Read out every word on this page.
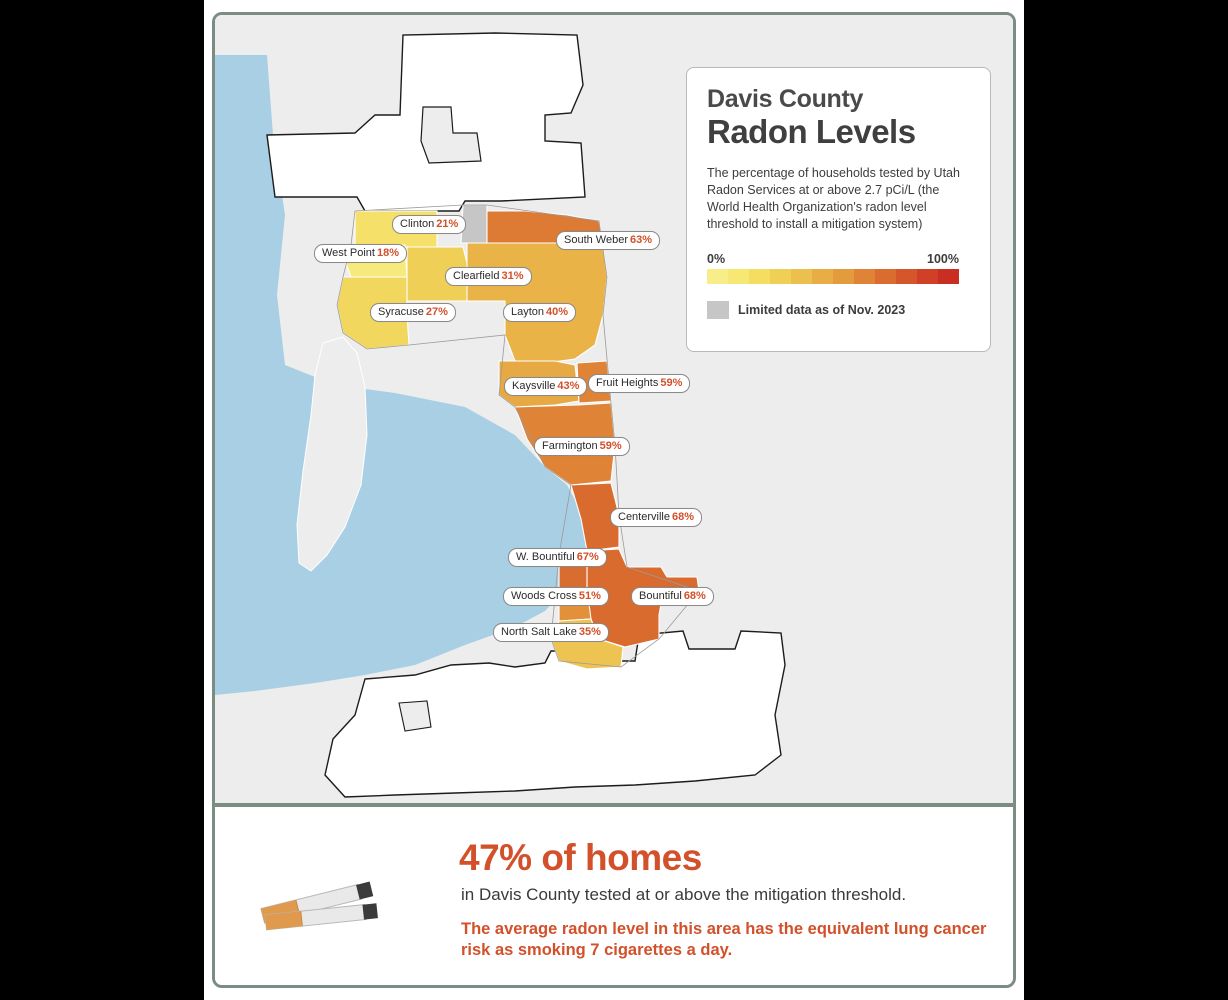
Clinton 21%
West Point 18%
Clearfield 31%
Syracuse 27%	Layton 40%
South Weber 63%
Kaysville 43%	Fruit Heights 59%
Farmington 59%
Centerville 68%
W. Bountiful 67%
Woods Cross 51%	Bountiful 68%
North Salt Lake 35%
Davis County
Radon Levels
The percentage of households tested by Utah Radon Services at or above 2.7 pCi/L (the World Health Organization's radon level threshold to install a mitigation system)
0%	100%
Limited data as of Nov. 2023
47% of homes
in Davis County tested at or above the mitigation threshold.
The average radon level in this area has the equivalent lung cancer risk as smoking 7 cigarettes a day.
